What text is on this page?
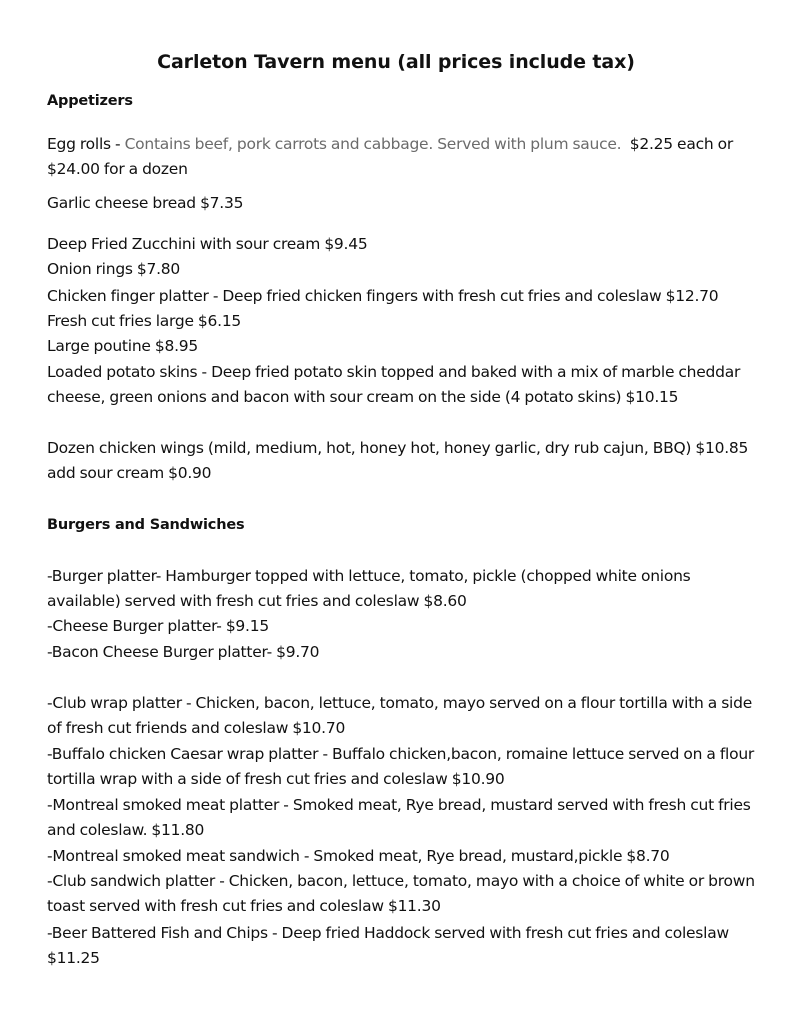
Carleton Tavern menu (all prices include tax)
Appetizers
Egg rolls - Contains beef, pork carrots and cabbage. Served with plum sauce.  $2.25 each or $24.00 for a dozen
Garlic cheese bread $7.35
Deep Fried Zucchini with sour cream $9.45
Onion rings $7.80
Chicken finger platter - Deep fried chicken fingers with fresh cut fries and coleslaw $12.70
Fresh cut fries large $6.15
Large poutine $8.95
Loaded potato skins - Deep fried potato skin topped and baked with a mix of marble cheddar cheese, green onions and bacon with sour cream on the side (4 potato skins) $10.15
Dozen chicken wings (mild, medium, hot, honey hot, honey garlic, dry rub cajun, BBQ) $10.85 add sour cream $0.90
Burgers and Sandwiches
-Burger platter- Hamburger topped with lettuce, tomato, pickle (chopped white onions available) served with fresh cut fries and coleslaw $8.60
-Cheese Burger platter- $9.15
-Bacon Cheese Burger platter- $9.70
-Club wrap platter - Chicken, bacon, lettuce, tomato, mayo served on a flour tortilla with a side of fresh cut friends and coleslaw $10.70
-Buffalo chicken Caesar wrap platter - Buffalo chicken,bacon, romaine lettuce served on a flour tortilla wrap with a side of fresh cut fries and coleslaw $10.90
-Montreal smoked meat platter - Smoked meat, Rye bread, mustard served with fresh cut fries and coleslaw. $11.80
-Montreal smoked meat sandwich - Smoked meat, Rye bread, mustard,pickle $8.70
-Club sandwich platter - Chicken, bacon, lettuce, tomato, mayo with a choice of white or brown toast served with fresh cut fries and coleslaw $11.30
-Beer Battered Fish and Chips - Deep fried Haddock served with fresh cut fries and coleslaw $11.25
